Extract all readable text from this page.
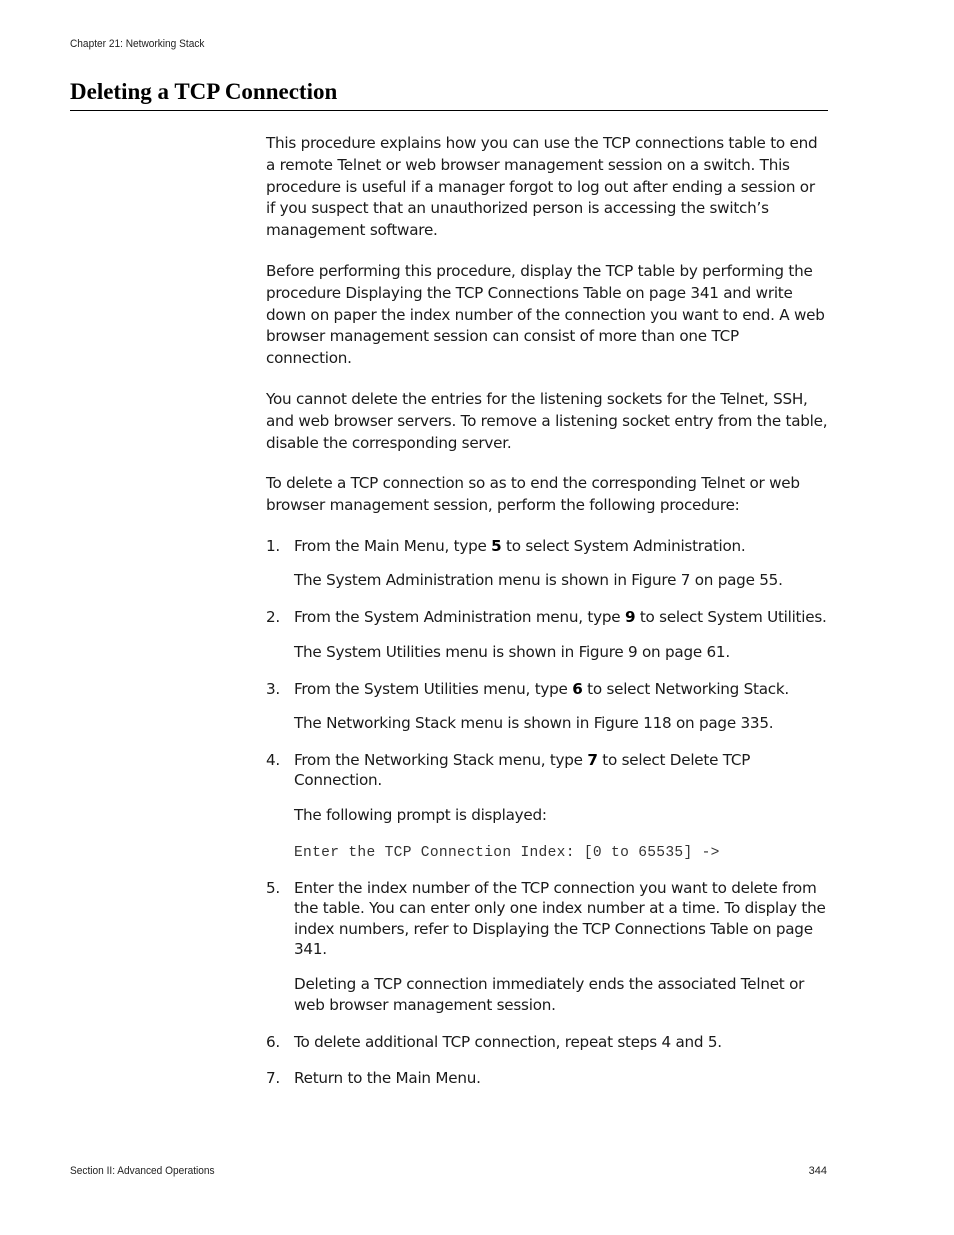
Chapter 21: Networking Stack
Deleting a TCP Connection

This procedure explains how you can use the TCP connections table to end a remote Telnet or web browser management session on a switch. This procedure is useful if a manager forgot to log out after ending a session or if you suspect that an unauthorized person is accessing the switch’s management software.

Before performing this procedure, display the TCP table by performing the procedure Displaying the TCP Connections Table on page 341 and write down on paper the index number of the connection you want to end. A web browser management session can consist of more than one TCP connection.

You cannot delete the entries for the listening sockets for the Telnet, SSH, and web browser servers. To remove a listening socket entry from the table, disable the corresponding server.

To delete a TCP connection so as to end the corresponding Telnet or web browser management session, perform the following procedure:

1. From the Main Menu, type 5 to select System Administration.

The System Administration menu is shown in Figure 7 on page 55.

2. From the System Administration menu, type 9 to select System Utilities.

The System Utilities menu is shown in Figure 9 on page 61.

3. From the System Utilities menu, type 6 to select Networking Stack.

The Networking Stack menu is shown in Figure 118 on page 335.

4. From the Networking Stack menu, type 7 to select Delete TCP Connection.

The following prompt is displayed:

Enter the TCP Connection Index: [0 to 65535] ->
5. Enter the index number of the TCP connection you want to delete from the table. You can enter only one index number at a time. To display the index numbers, refer to Displaying the TCP Connections Table on page 341.

Deleting a TCP connection immediately ends the associated Telnet or web browser management session.

6. To delete additional TCP connection, repeat steps 4 and 5.
7. Return to the Main Menu.
Section II: Advanced Operations	344
